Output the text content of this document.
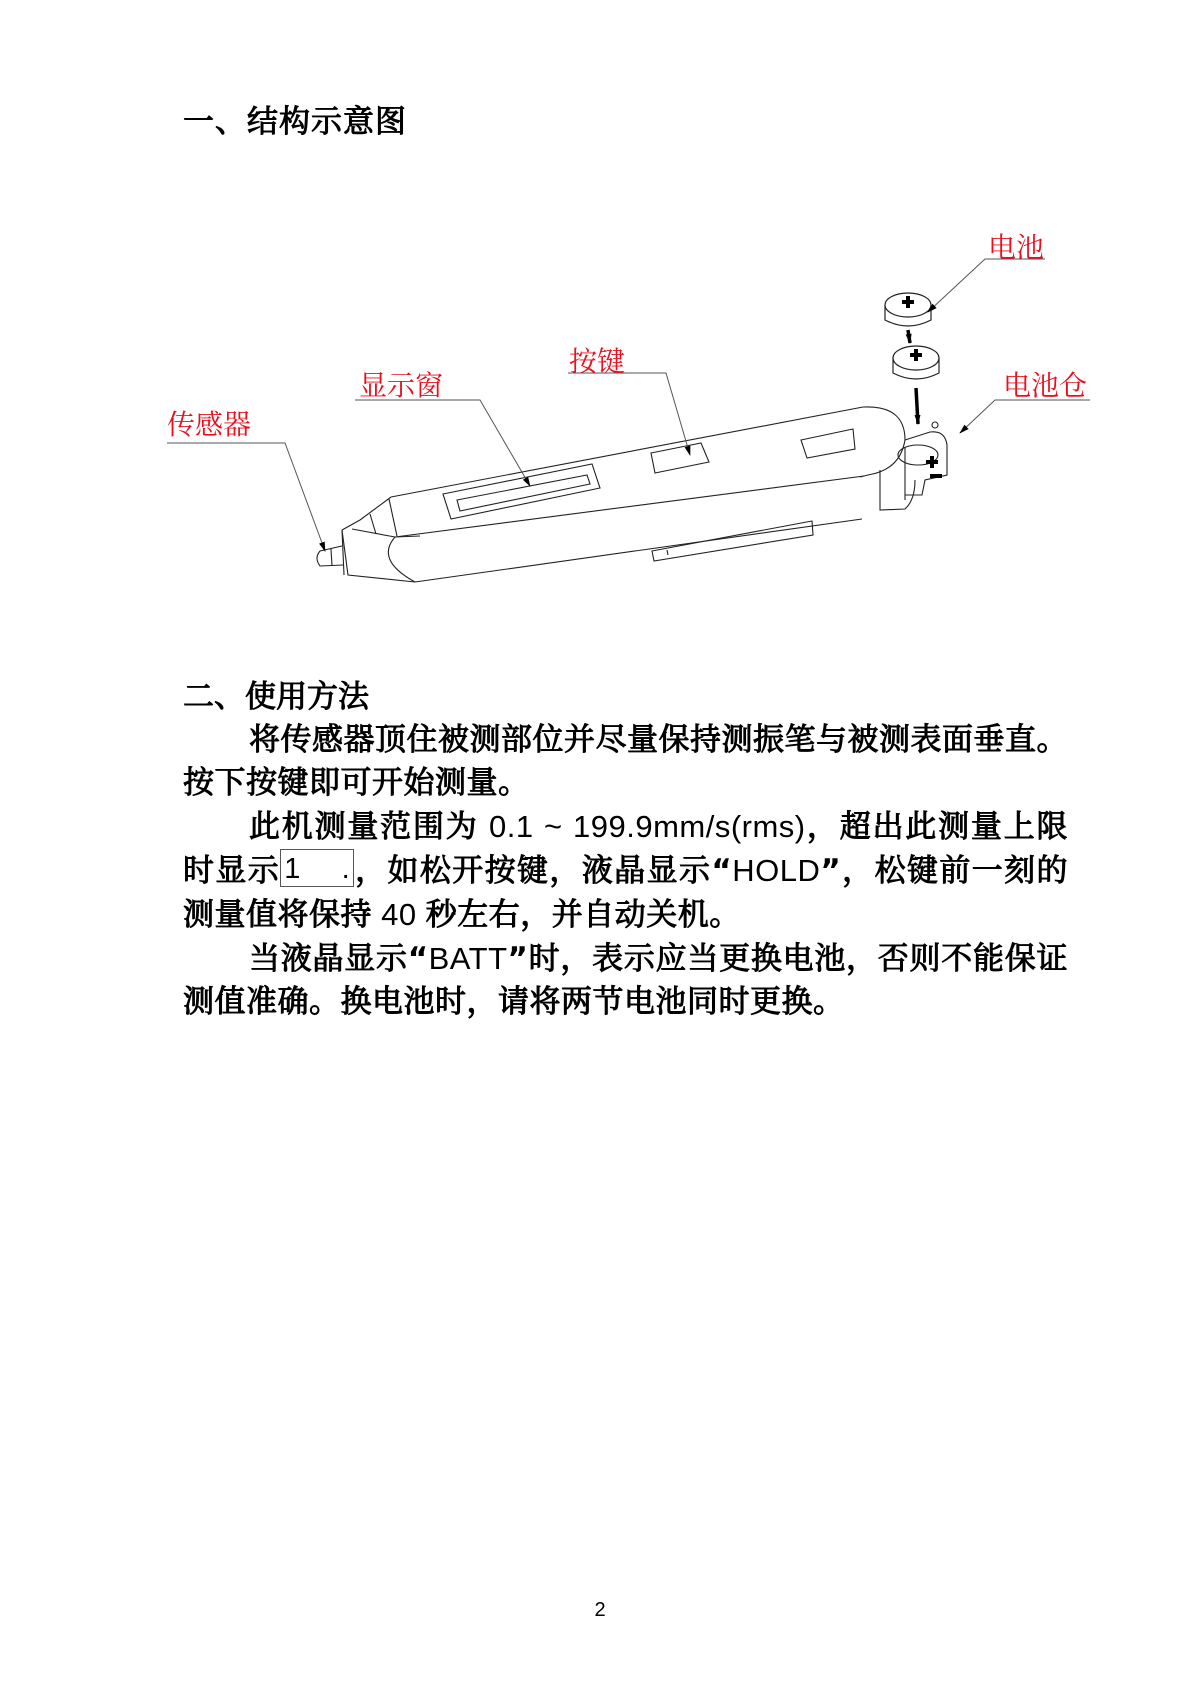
一、结构示意图
传感器
显示窗
按键
电池
电池仓
二、使用方法
将传感器顶住被测部位并尽量保持测振笔与被测表面垂直。按下按键即可开始测量。
此机测量范围为 0.1 ~ 199.9mm/s(rms)，超出此测量上限时显示 1 . ，如松开按键，液晶显示“HOLD”，松键前一刻的测量值将保持 40 秒左右，并自动关机。
当液晶显示“BATT”时，表示应当更换电池，否则不能保证测值准确。换电池时，请将两节电池同时更换。
2
